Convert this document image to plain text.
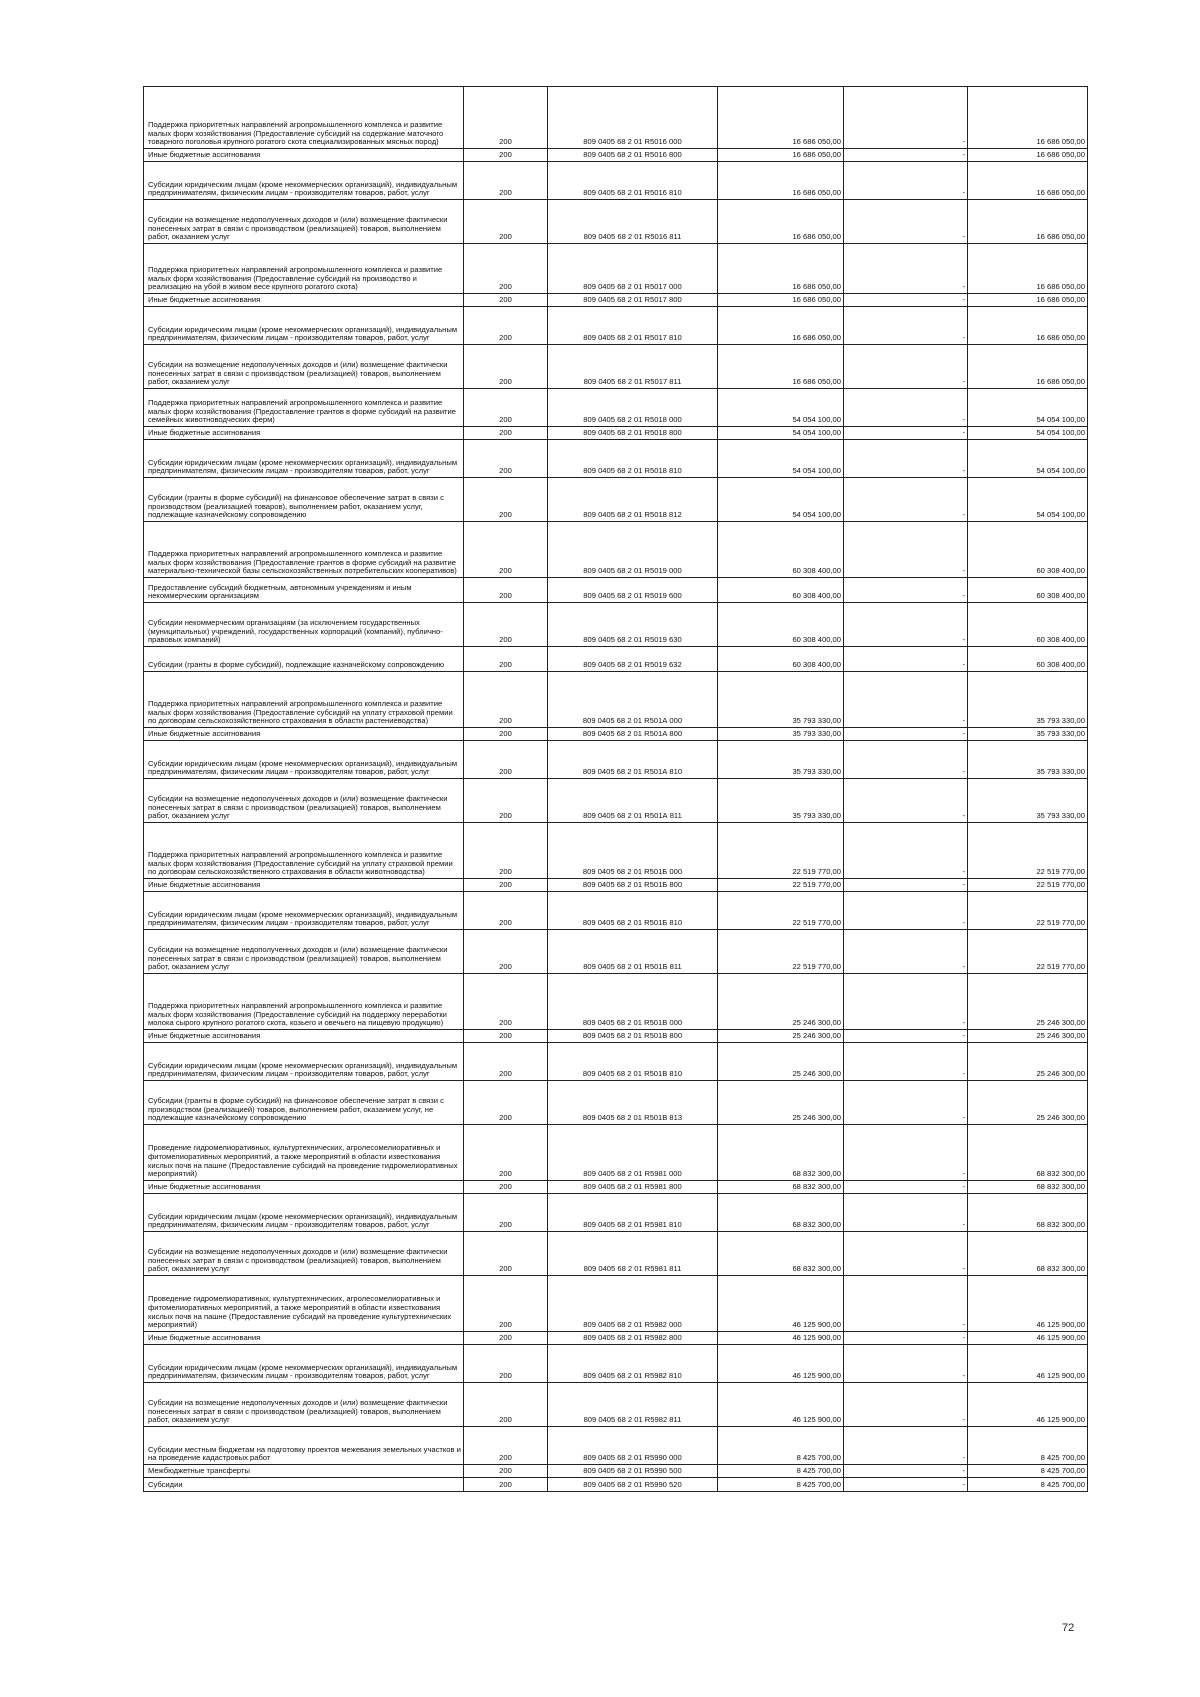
Поддержка приоритетных направлений агропромышленного комплекса и развитие малых форм хозяйствования (Предоставление субсидий на содержание маточного товарного поголовья крупного рогатого скота специализированных мясных пород)	200	809 0405 68 2 01 R5016 000	16 686 050,00	-	16 686 050,00

Иные бюджетные ассигнования	200	809 0405 68 2 01 R5016 800	16 686 050,00	-	16 686 050,00

Субсидии юридическим лицам (кроме некоммерческих организаций), индивидуальным предпринимателям, физическим лицам - производителям товаров, работ, услуг	200	809 0405 68 2 01 R5016 810	16 686 050,00	-	16 686 050,00

Субсидии на возмещение недополученных доходов и (или) возмещение фактически понесенных затрат в связи с производством (реализацией) товаров, выполнением работ, оказанием услуг	200	809 0405 68 2 01 R5016 811	16 686 050,00	-	16 686 050,00

Поддержка приоритетных направлений агропромышленного комплекса и развитие малых форм хозяйствования (Предоставление субсидий на производство и реализацию на убой в живом весе крупного рогатого скота)	200	809 0405 68 2 01 R5017 000	16 686 050,00	-	16 686 050,00

Иные бюджетные ассигнования	200	809 0405 68 2 01 R5017 800	16 686 050,00	-	16 686 050,00

Субсидии юридическим лицам (кроме некоммерческих организаций), индивидуальным предпринимателям, физическим лицам - производителям товаров, работ, услуг	200	809 0405 68 2 01 R5017 810	16 686 050,00	-	16 686 050,00

Субсидии на возмещение недополученных доходов и (или) возмещение фактически понесенных затрат в связи с производством (реализацией) товаров, выполнением работ, оказанием услуг	200	809 0405 68 2 01 R5017 811	16 686 050,00	-	16 686 050,00

Поддержка приоритетных направлений агропромышленного комплекса и развитие малых форм хозяйствования (Предоставление грантов в форме субсидий на развитие семейных животноводческих ферм)	200	809 0405 68 2 01 R5018 000	54 054 100,00	-	54 054 100,00

Иные бюджетные ассигнования	200	809 0405 68 2 01 R5018 800	54 054 100,00	-	54 054 100,00

Субсидии юридическим лицам (кроме некоммерческих организаций), индивидуальным предпринимателям, физическим лицам - производителям товаров, работ, услуг	200	809 0405 68 2 01 R5018 810	54 054 100,00	-	54 054 100,00

Субсидии (гранты в форме субсидий) на финансовое обеспечение затрат в связи с производством (реализацией товаров), выполнением работ, оказанием услуг, подлежащие казначейскому сопровождению	200	809 0405 68 2 01 R5018 812	54 054 100,00	-	54 054 100,00

Поддержка приоритетных направлений агропромышленного комплекса и развитие малых форм хозяйствования (Предоставление грантов в форме субсидий на развитие материально-технической базы сельскохозяйственных потребительских кооперативов)	200	809 0405 68 2 01 R5019 000	60 308 400,00	-	60 308 400,00

Предоставление субсидий бюджетным, автономным учреждениям и иным некоммерческим организациям	200	809 0405 68 2 01 R5019 600	60 308 400,00	-	60 308 400,00

Субсидии некоммерческим организациям (за исключением государственных (муниципальных) учреждений, государственных корпораций (компаний), публично-правовых компаний)	200	809 0405 68 2 01 R5019 630	60 308 400,00	-	60 308 400,00

Субсидии (гранты в форме субсидий), подлежащие казначейскому сопровождению	200	809 0405 68 2 01 R5019 632	60 308 400,00	-	60 308 400,00

Поддержка приоритетных направлений агропромышленного комплекса и развитие малых форм хозяйствования (Предоставление субсидий на уплату страховой премии по договорам сельскохозяйственного страхования в области растениеводства)	200	809 0405 68 2 01 R501А 000	35 793 330,00	-	35 793 330,00

Иные бюджетные ассигнования	200	809 0405 68 2 01 R501А 800	35 793 330,00	-	35 793 330,00

Субсидии юридическим лицам (кроме некоммерческих организаций), индивидуальным предпринимателям, физическим лицам - производителям товаров, работ, услуг	200	809 0405 68 2 01 R501А 810	35 793 330,00	-	35 793 330,00

Субсидии на возмещение недополученных доходов и (или) возмещение фактически понесенных затрат в связи с производством (реализацией) товаров, выполнением работ, оказанием услуг	200	809 0405 68 2 01 R501А 811	35 793 330,00	-	35 793 330,00

Поддержка приоритетных направлений агропромышленного комплекса и развитие малых форм хозяйствования (Предоставление субсидий на уплату страховой премии по договорам сельскохозяйственного страхования в области животноводства)	200	809 0405 68 2 01 R501Б 000	22 519 770,00	-	22 519 770,00

Иные бюджетные ассигнования	200	809 0405 68 2 01 R501Б 800	22 519 770,00	-	22 519 770,00

Субсидии юридическим лицам (кроме некоммерческих организаций), индивидуальным предпринимателям, физическим лицам - производителям товаров, работ, услуг	200	809 0405 68 2 01 R501Б 810	22 519 770,00	-	22 519 770,00

Субсидии на возмещение недополученных доходов и (или) возмещение фактически понесенных затрат в связи с производством (реализацией) товаров, выполнением работ, оказанием услуг	200	809 0405 68 2 01 R501Б 811	22 519 770,00	-	22 519 770,00

Поддержка приоритетных направлений агропромышленного комплекса и развитие малых форм хозяйствования (Предоставление субсидий на поддержку переработки молока сырого крупного рогатого скота, козьего и овечьего на пищевую продукцию)	200	809 0405 68 2 01 R501В 000	25 246 300,00	-	25 246 300,00

Иные бюджетные ассигнования	200	809 0405 68 2 01 R501В 800	25 246 300,00	-	25 246 300,00

Субсидии юридическим лицам (кроме некоммерческих организаций), индивидуальным предпринимателям, физическим лицам - производителям товаров, работ, услуг	200	809 0405 68 2 01 R501В 810	25 246 300,00	-	25 246 300,00

Субсидии (гранты в форме субсидий) на финансовое обеспечение затрат в связи с производством (реализацией) товаров, выполнением работ, оказанием услуг, не подлежащие казначейскому сопровождению	200	809 0405 68 2 01 R501В 813	25 246 300,00	-	25 246 300,00

Проведение гидромелиоративных, культуртехнических, агролесомелиоративных и фитомелиоративных мероприятий, а также мероприятий в области известкования кислых почв на пашне (Предоставление субсидий на проведение гидромелиоративных мероприятий)	200	809 0405 68 2 01 R5981 000	68 832 300,00	-	68 832 300,00

Иные бюджетные ассигнования	200	809 0405 68 2 01 R5981 800	68 832 300,00	-	68 832 300,00

Субсидии юридическим лицам (кроме некоммерческих организаций), индивидуальным предпринимателям, физическим лицам - производителям товаров, работ, услуг	200	809 0405 68 2 01 R5981 810	68 832 300,00	-	68 832 300,00

Субсидии на возмещение недополученных доходов и (или) возмещение фактически понесенных затрат в связи с производством (реализацией) товаров, выполнением работ, оказанием услуг	200	809 0405 68 2 01 R5981 811	68 832 300,00	-	68 832 300,00

Проведение гидромелиоративных, культуртехнических, агролесомелиоративных и фитомелиоративных мероприятий, а также мероприятий в области известкования кислых почв на пашне (Предоставление субсидий на проведение культуртехнических мероприятий)	200	809 0405 68 2 01 R5982 000	46 125 900,00	-	46 125 900,00

Иные бюджетные ассигнования	200	809 0405 68 2 01 R5982 800	46 125 900,00	-	46 125 900,00

Субсидии юридическим лицам (кроме некоммерческих организаций), индивидуальным предпринимателям, физическим лицам - производителям товаров, работ, услуг	200	809 0405 68 2 01 R5982 810	46 125 900,00	-	46 125 900,00

Субсидии на возмещение недополученных доходов и (или) возмещение фактически понесенных затрат в связи с производством (реализацией) товаров, выполнением работ, оказанием услуг	200	809 0405 68 2 01 R5982 811	46 125 900,00	-	46 125 900,00

Субсидии местным бюджетам на подготовку проектов межевания земельных участков и на проведение кадастровых работ	200	809 0405 68 2 01 R5990 000	8 425 700,00	-	8 425 700,00

Межбюджетные трансферты	200	809 0405 68 2 01 R5990 500	8 425 700,00	-	8 425 700,00

Субсидии	200	809 0405 68 2 01 R5990 520	8 425 700,00	-	8 425 700,00
72
